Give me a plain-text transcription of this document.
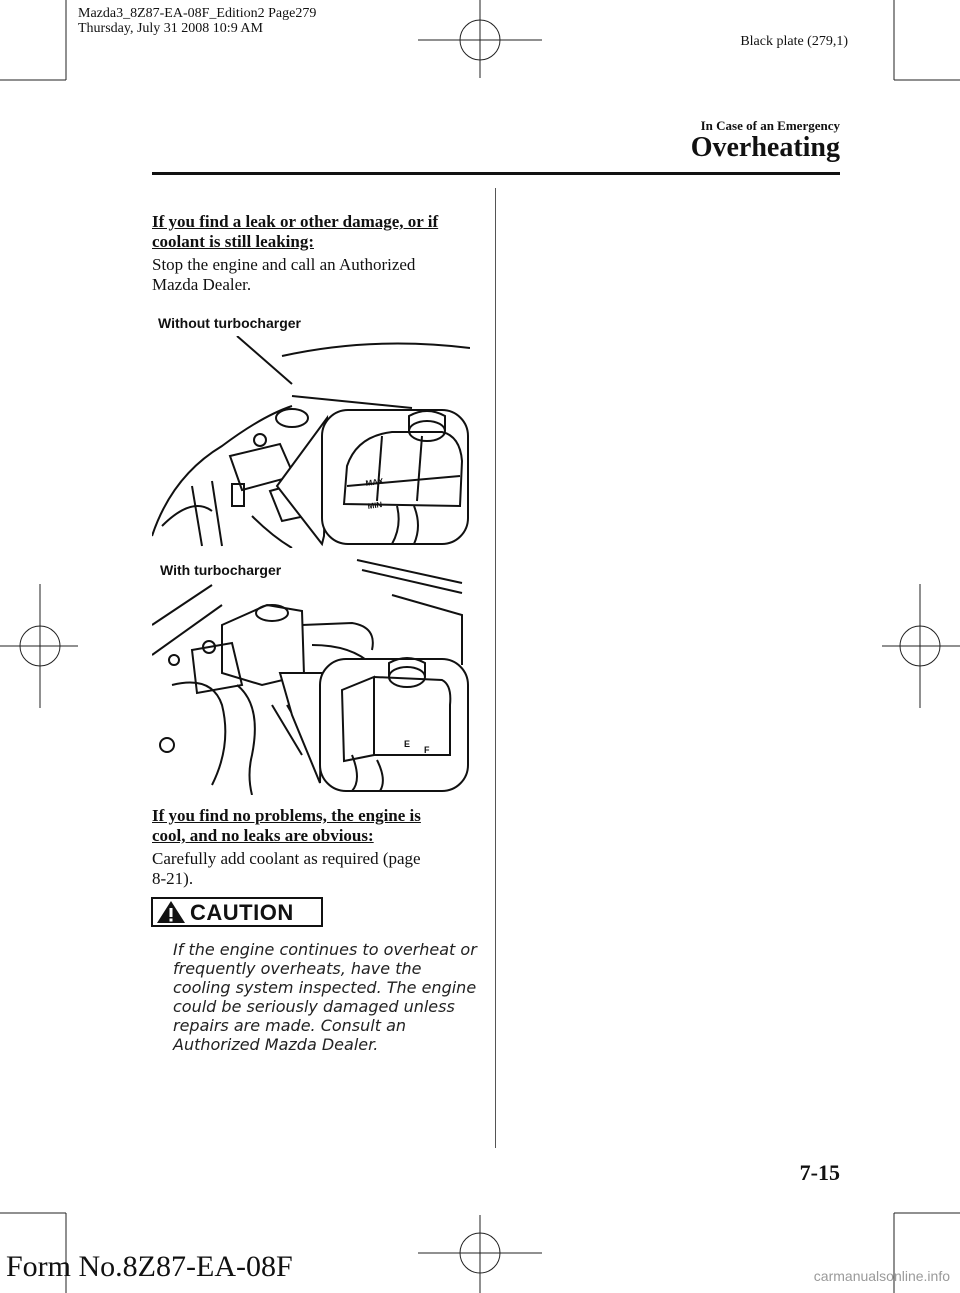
Mazda3_8Z87-EA-08F_Edition2 Page279
Thursday, July 31 2008 10:9 AM
Black plate (279,1)
In Case of an Emergency
Overheating
If you find a leak or other damage, or if
coolant is still leaking:
Stop the engine and call an Authorized
Mazda Dealer.
Without turbocharger
MAX
MIN
With turbocharger
E
F
If you find no problems, the engine is
cool, and no leaks are obvious:
Carefully add coolant as required (page
8-21).
CAUTION
If the engine continues to overheat or frequently overheats, have the cooling system inspected. The engine could be seriously damaged unless repairs are made. Consult an Authorized Mazda Dealer.
7-15
Form No.8Z87-EA-08F	carmanualsonline.info
